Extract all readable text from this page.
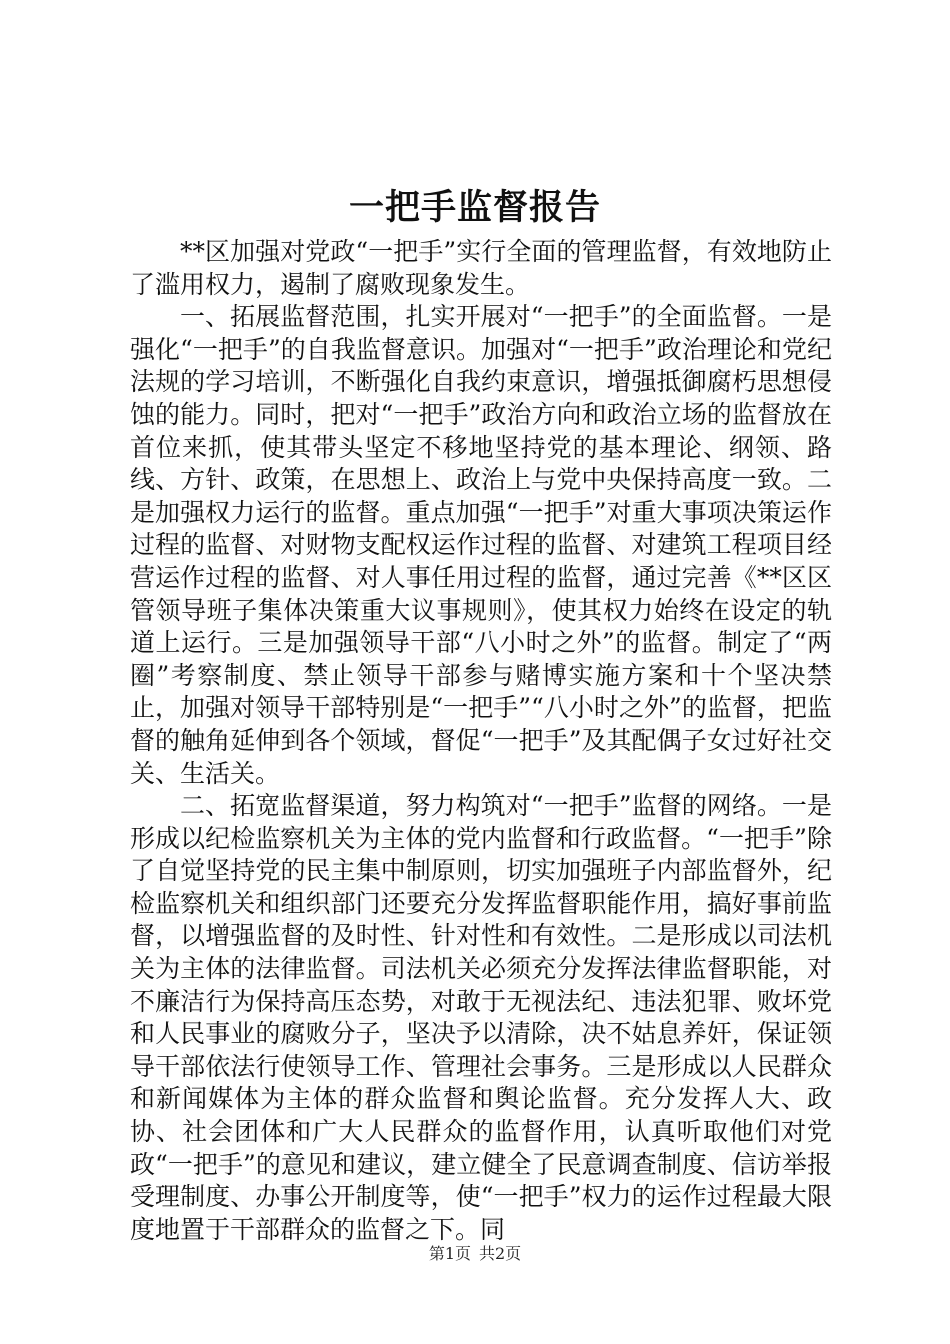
一把手监督报告

**区加强对党政“一把手”实行全面的管理监督，有效地防止了滥用权力，遏制了腐败现象发生。

一、拓展监督范围，扎实开展对“一把手”的全面监督。一是强化“一把手”的自我监督意识。加强对“一把手”政治理论和党纪法规的学习培训，不断强化自我约束意识，增强抵御腐朽思想侵蚀的能力。同时，把对“一把手”政治方向和政治立场的监督放在首位来抓，使其带头坚定不移地坚持党的基本理论、纲领、路线、方针、政策，在思想上、政治上与党中央保持高度一致。二是加强权力运行的监督。重点加强“一把手”对重大事项决策运作过程的监督、对财物支配权运作过程的监督、对建筑工程项目经营运作过程的监督、对人事任用过程的监督，通过完善《**区区管领导班子集体决策重大议事规则》，使其权力始终在设定的轨道上运行。三是加强领导干部“八小时之外”的监督。制定了“两圈”考察制度、禁止领导干部参与赌博实施方案和十个坚决禁止，加强对领导干部特别是“一把手”“八小时之外”的监督，把监督的触角延伸到各个领域，督促“一把手”及其配偶子女过好社交关、生活关。

二、拓宽监督渠道，努力构筑对“一把手”监督的网络。一是形成以纪检监察机关为主体的党内监督和行政监督。“一把手”除了自觉坚持党的民主集中制原则，切实加强班子内部监督外，纪检监察机关和组织部门还要充分发挥监督职能作用，搞好事前监督，以增强监督的及时性、针对性和有效性。二是形成以司法机关为主体的法律监督。司法机关必须充分发挥法律监督职能，对不廉洁行为保持高压态势，对敢于无视法纪、违法犯罪、败坏党和人民事业的腐败分子，坚决予以清除，决不姑息养奸，保证领导干部依法行使领导工作、管理社会事务。三是形成以人民群众和新闻媒体为主体的群众监督和舆论监督。充分发挥人大、政协、社会团体和广大人民群众的监督作用，认真听取他们对党政“一把手”的意见和建议，建立健全了民意调查制度、信访举报受理制度、办事公开制度等，使“一把手”权力的运作过程最大限度地置于干部群众的监督之下。同

第1页 共2页
